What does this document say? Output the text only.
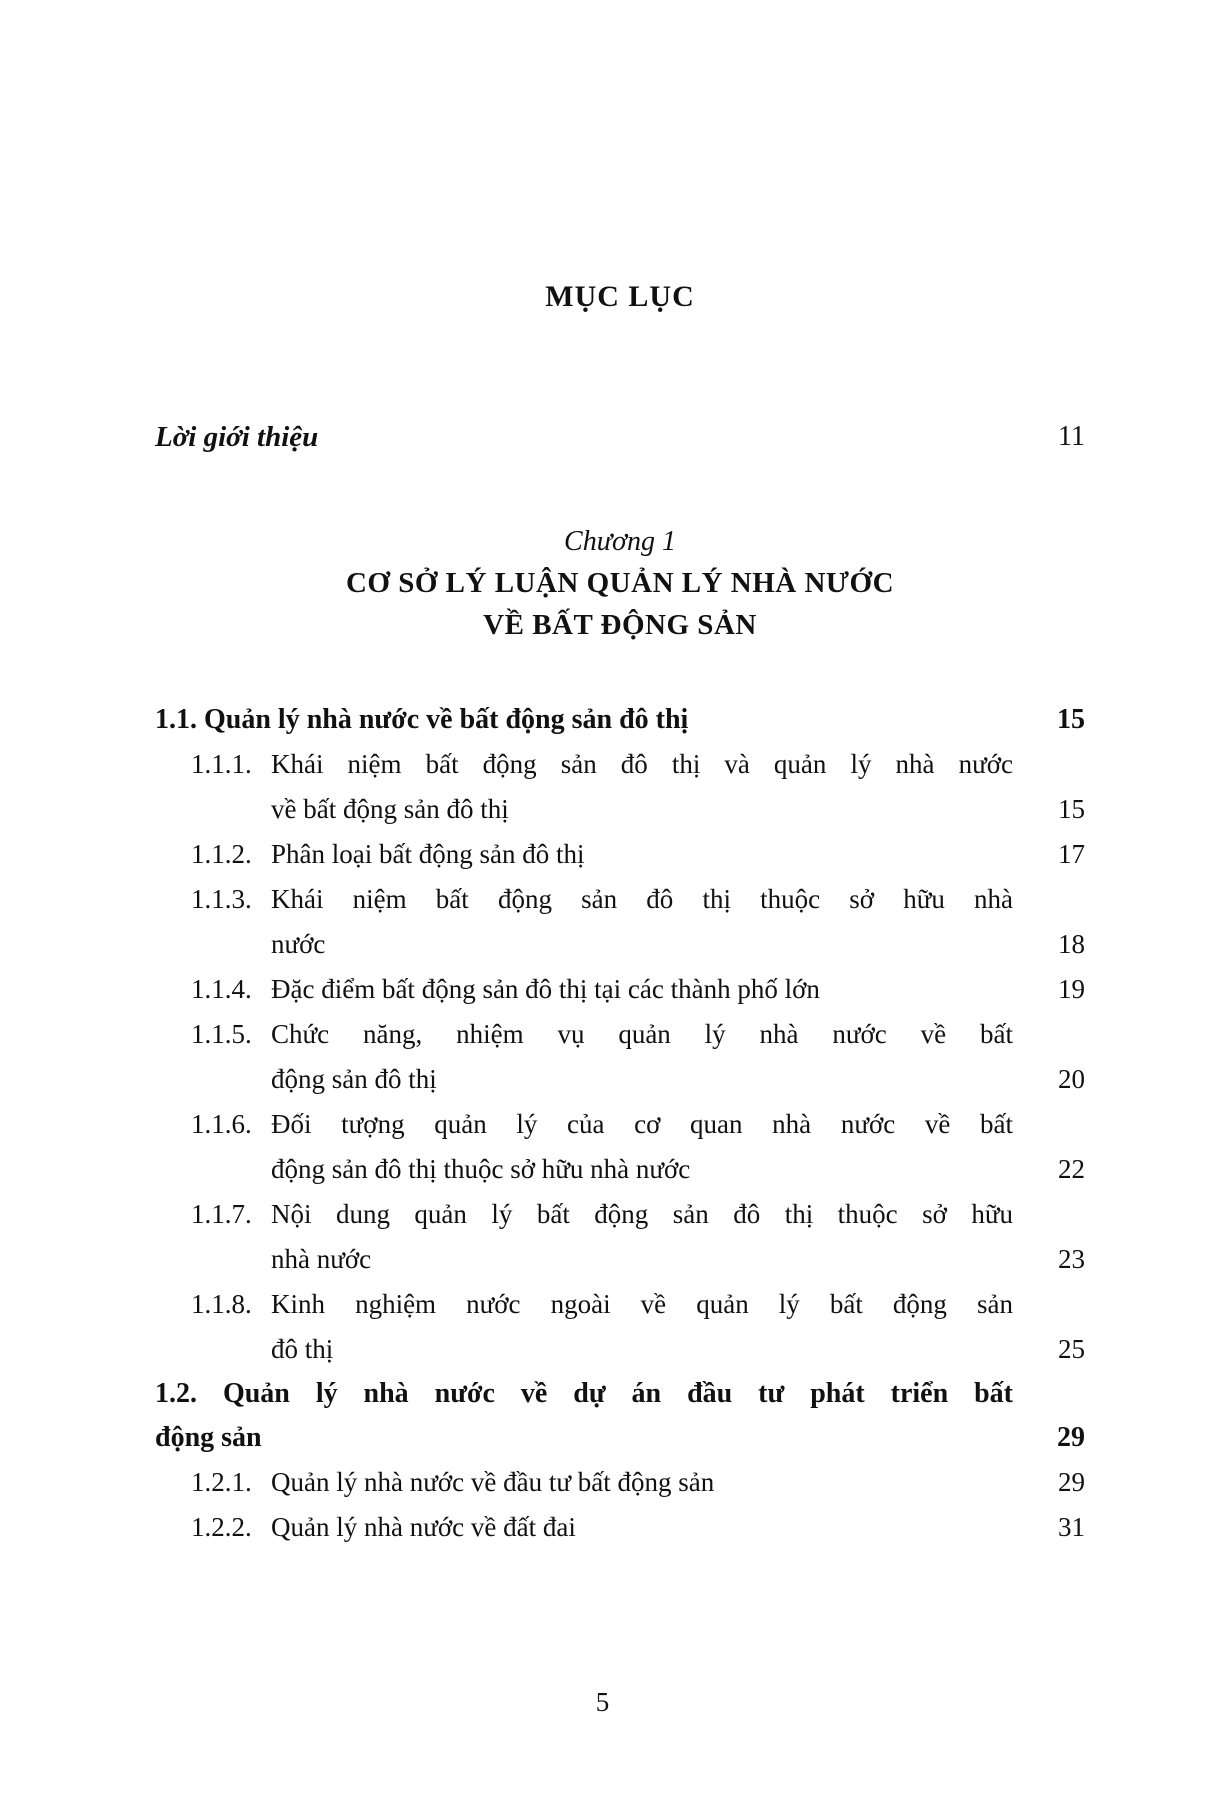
MỤC LỤC
Lời giới thiệu	11
Chương 1
CƠ SỞ LÝ LUẬN QUẢN LÝ NHÀ NƯỚC
VỀ BẤT ĐỘNG SẢN
1.1. Quản lý nhà nước về bất động sản đô thị	15
1.1.1. Khái niệm bất động sản đô thị và quản lý nhà nước

về bất động sản đô thị	15
1.1.2. Phân loại bất động sản đô thị	17
1.1.3. Khái niệm bất động sản đô thị thuộc sở hữu nhà

nước	18
1.1.4. Đặc điểm bất động sản đô thị tại các thành phố lớn	19
1.1.5. Chức năng, nhiệm vụ quản lý nhà nước về bất

động sản đô thị	20
1.1.6. Đối tượng quản lý của cơ quan nhà nước về bất

động sản đô thị thuộc sở hữu nhà nước	22
1.1.7. Nội dung quản lý bất động sản đô thị thuộc sở hữu

nhà nước	23
1.1.8. Kinh nghiệm nước ngoài về quản lý bất động sản

đô thị	25
1.2. Quản lý nhà nước về dự án đầu tư phát triển bất

động sản	29
1.2.1. Quản lý nhà nước về đầu tư bất động sản	29
1.2.2. Quản lý nhà nước về đất đai	31
5
